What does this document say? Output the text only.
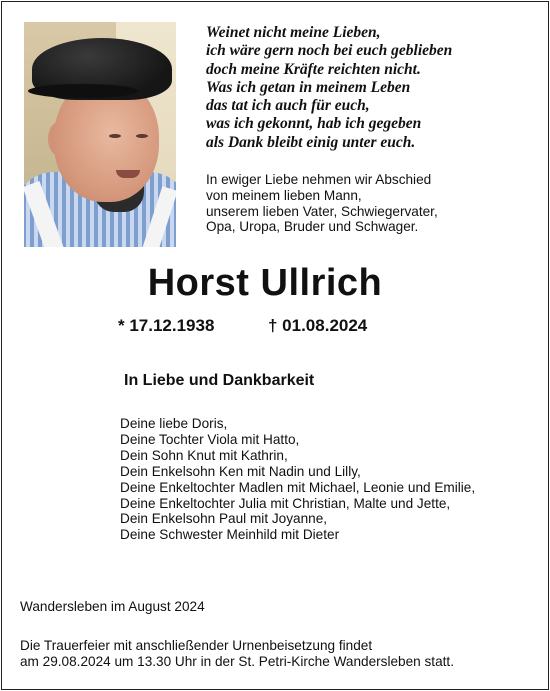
Weinet nicht meine Lieben,
ich wäre gern noch bei euch geblieben
doch meine Kräfte reichten nicht.
Was ich getan in meinem Leben
das tat ich auch für euch,
was ich gekonnt, hab ich gegeben
als Dank bleibt einig unter euch.
In ewiger Liebe nehmen wir Abschied
von meinem lieben Mann,
unserem lieben Vater, Schwiegervater,
Opa, Uropa, Bruder und Schwager.
Horst Ullrich
* 17.12.1938	† 01.08.2024
In Liebe und Dankbarkeit
Deine liebe Doris,
Deine Tochter Viola mit Hatto,
Dein Sohn Knut mit Kathrin,
Dein Enkelsohn Ken mit Nadin und Lilly,
Deine Enkeltochter Madlen mit Michael, Leonie und Emilie,
Deine Enkeltochter Julia mit Christian, Malte und Jette,
Dein Enkelsohn Paul mit Joyanne,
Deine Schwester Meinhild mit Dieter
Wandersleben im August 2024
Die Trauerfeier mit anschließender Urnenbeisetzung findet
am 29.08.2024 um 13.30 Uhr in der St. Petri-Kirche Wandersleben statt.
